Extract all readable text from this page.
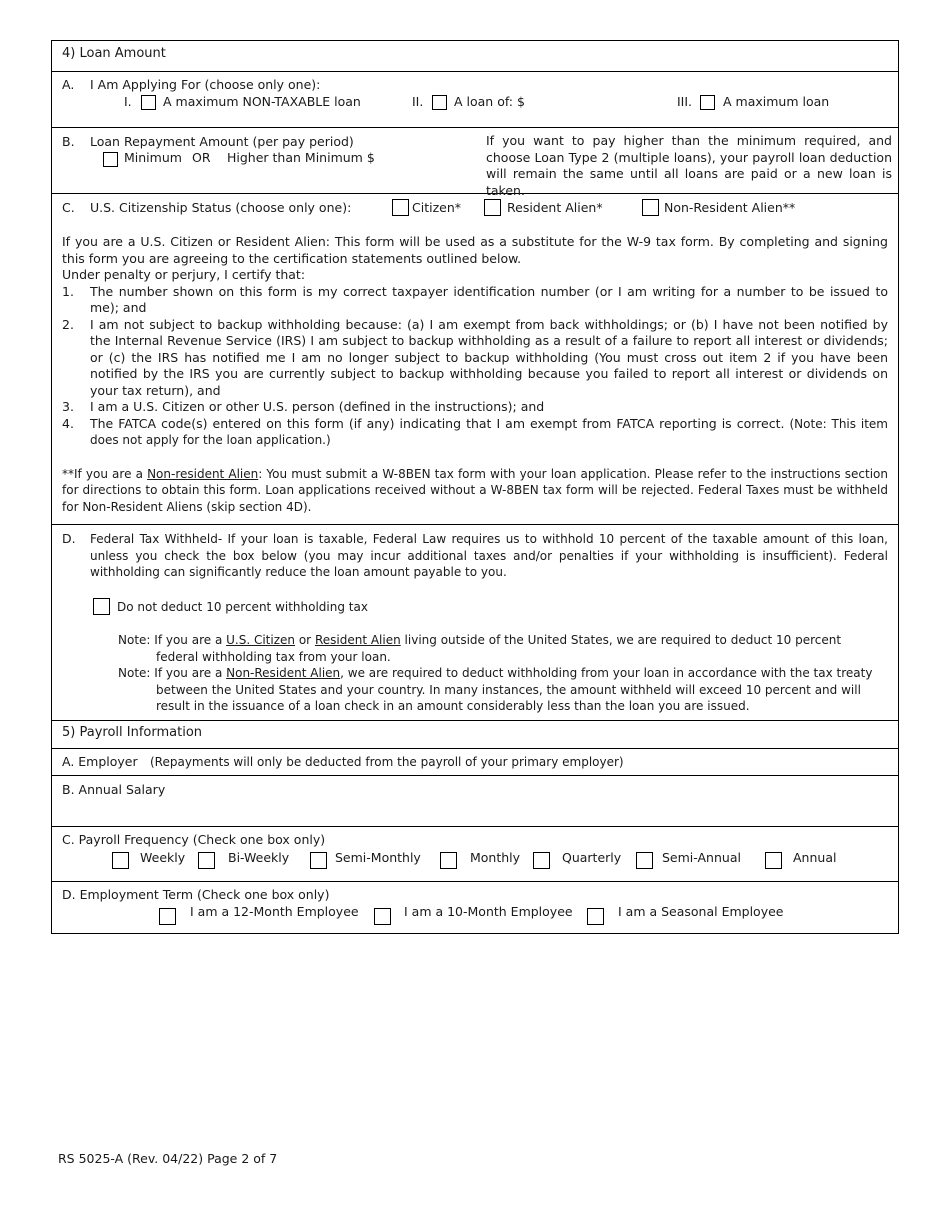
4) Loan Amount
A. I Am Applying For (choose only one):
I.	A maximum NON-TAXABLE loan	II. A loan of: $	III. A maximum loan
B. Loan Repayment Amount (per pay period)
Minimum OR Higher than Minimum $
If you want to pay higher than the minimum required, and choose Loan Type 2 (multiple loans), your payroll loan deduction will remain the same until all loans are paid or a new loan is taken.
C. U.S. Citizenship Status (choose only one):	Citizen*	Resident Alien*	Non-Resident Alien**
If you are a U.S. Citizen or Resident Alien: This form will be used as a substitute for the W-9 tax form. By completing and signing this form you are agreeing to the certification statements outlined below.
Under penalty or perjury, I certify that:
1. The number shown on this form is my correct taxpayer identification number (or I am writing for a number to be issued to me); and
2. I am not subject to backup withholding because: (a) I am exempt from back withholdings; or (b) I have not been notified by the Internal Revenue Service (IRS) I am subject to backup withholding as a result of a failure to report all interest or dividends; or (c) the IRS has notified me I am no longer subject to backup withholding (You must cross out item 2 if you have been notified by the IRS you are currently subject to backup withholding because you failed to report all interest or dividends on your tax return), and
3. I am a U.S. Citizen or other U.S. person (defined in the instructions); and
4. The FATCA code(s) entered on this form (if any) indicating that I am exempt from FATCA reporting is correct. (Note: This item does not apply for the loan application.)
**If you are a Non-resident Alien: You must submit a W-8BEN tax form with your loan application. Please refer to the instructions section for directions to obtain this form. Loan applications received without a W-8BEN tax form will be rejected. Federal Taxes must be withheld for Non-Resident Aliens (skip section 4D).
D. Federal Tax Withheld- If your loan is taxable, Federal Law requires us to withhold 10 percent of the taxable amount of this loan, unless you check the box below (you may incur additional taxes and/or penalties if your withholding is insufficient). Federal withholding can significantly reduce the loan amount payable to you.
Do not deduct 10 percent withholding tax
Note: If you are a U.S. Citizen or Resident Alien living outside of the United States, we are required to deduct 10 percent federal withholding tax from your loan.
Note: If you are a Non-Resident Alien, we are required to deduct withholding from your loan in accordance with the tax treaty between the United States and your country. In many instances, the amount withheld will exceed 10 percent and will result in the issuance of a loan check in an amount considerably less than the loan you are issued.
5) Payroll Information
A. Employer (Repayments will only be deducted from the payroll of your primary employer)
B. Annual Salary
C. Payroll Frequency (Check one box only)
Weekly	Bi-Weekly	Semi-Monthly	Monthly	Quarterly	Semi-Annual	Annual
D. Employment Term (Check one box only)
I am a 12-Month Employee	I am a 10-Month Employee	I am a Seasonal Employee
RS 5025-A (Rev. 04/22) Page 2 of 7
